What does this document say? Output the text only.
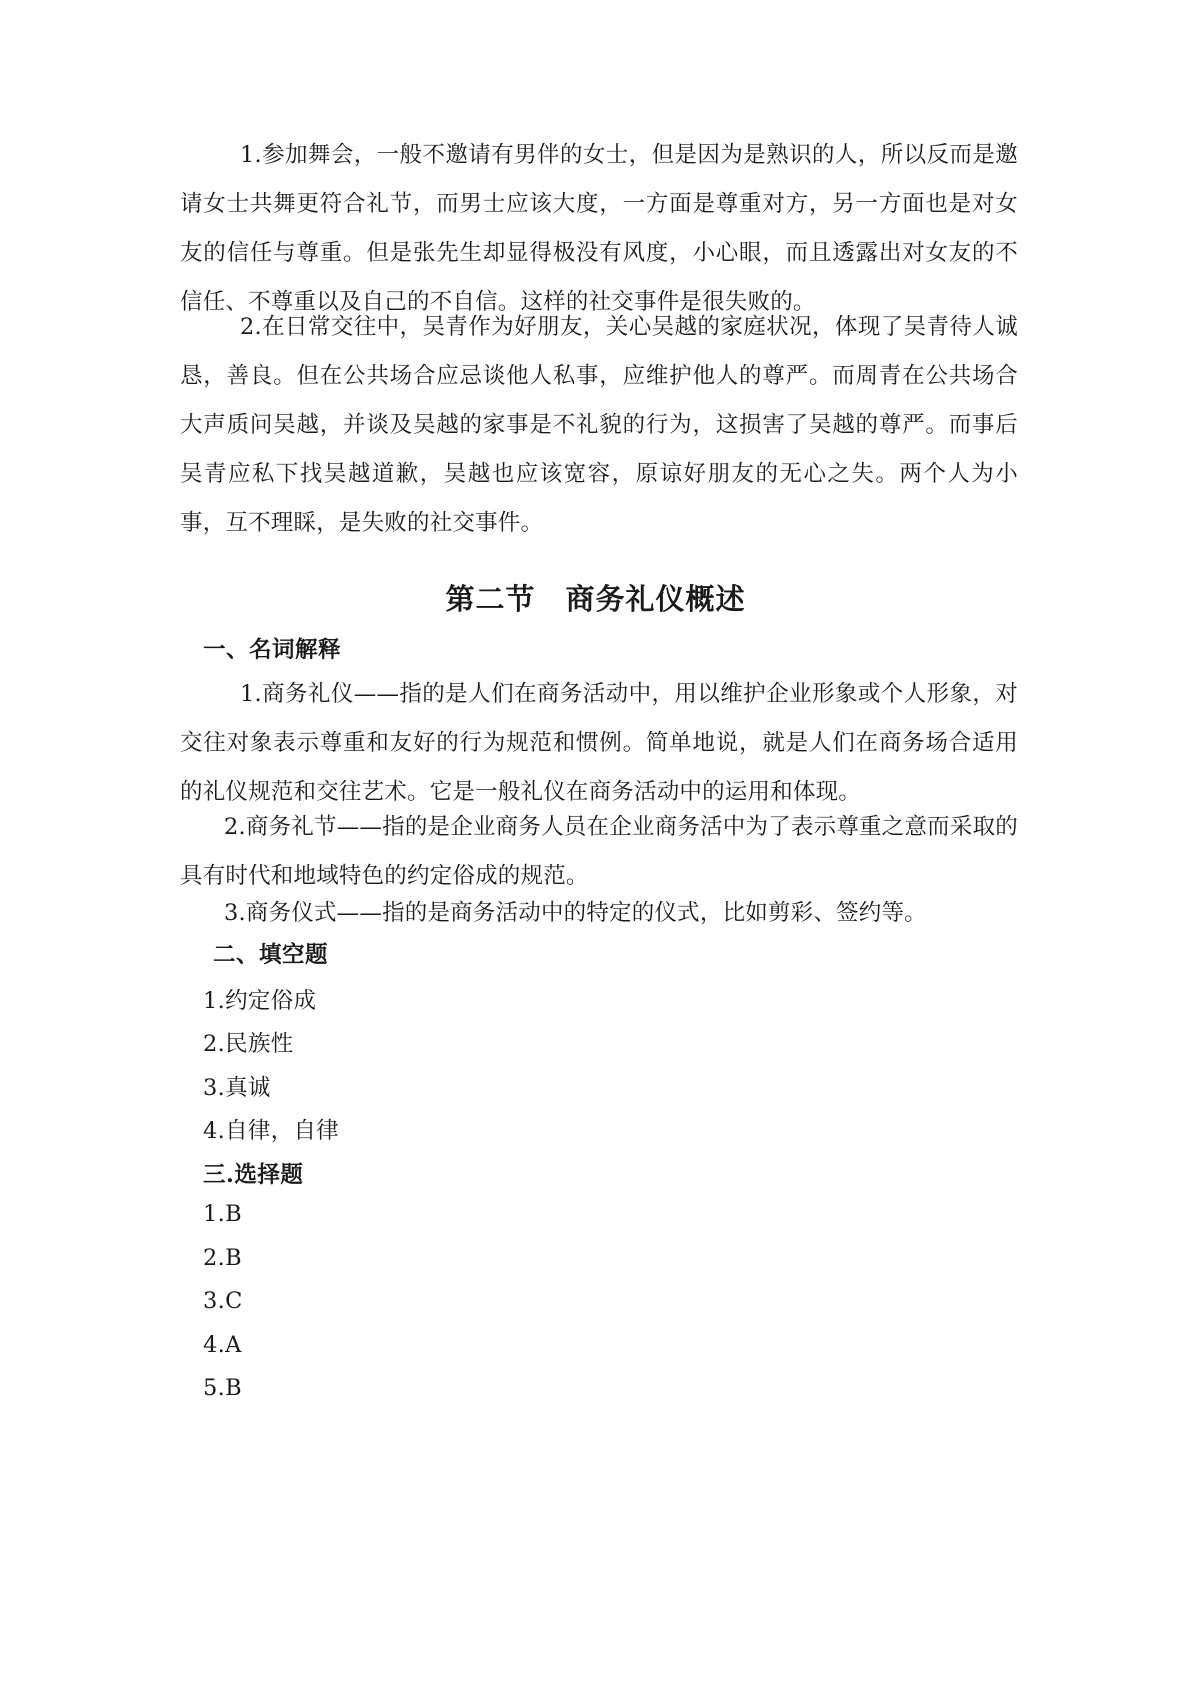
1.参加舞会，一般不邀请有男伴的女士，但是因为是熟识的人，所以反而是邀请女士共舞更符合礼节，而男士应该大度，一方面是尊重对方，另一方面也是对女友的信任与尊重。但是张先生却显得极没有风度，小心眼，而且透露出对女友的不信任、不尊重以及自己的不自信。这样的社交事件是很失败的。

2.在日常交往中，吴青作为好朋友，关心吴越的家庭状况，体现了吴青待人诚恳，善良。但在公共场合应忌谈他人私事，应维护他人的尊严。而周青在公共场合大声质问吴越，并谈及吴越的家事是不礼貌的行为，这损害了吴越的尊严。而事后吴青应私下找吴越道歉，吴越也应该宽容，原谅好朋友的无心之失。两个人为小事，互不理睬，是失败的社交事件。

第二节　商务礼仪概述
一、名词解释

1.商务礼仪——指的是人们在商务活动中，用以维护企业形象或个人形象，对交往对象表示尊重和友好的行为规范和惯例。简单地说，就是人们在商务场合适用的礼仪规范和交往艺术。它是一般礼仪在商务活动中的运用和体现。

2.商务礼节——指的是企业商务人员在企业商务活中为了表示尊重之意而采取的具有时代和地域特色的约定俗成的规范。

3.商务仪式——指的是商务活动中的特定的仪式，比如剪彩、签约等。

二、填空题

1.约定俗成

2.民族性

3.真诚

4.自律，自律

三.选择题

1.B

2.B

3.C

4.A

5.B
